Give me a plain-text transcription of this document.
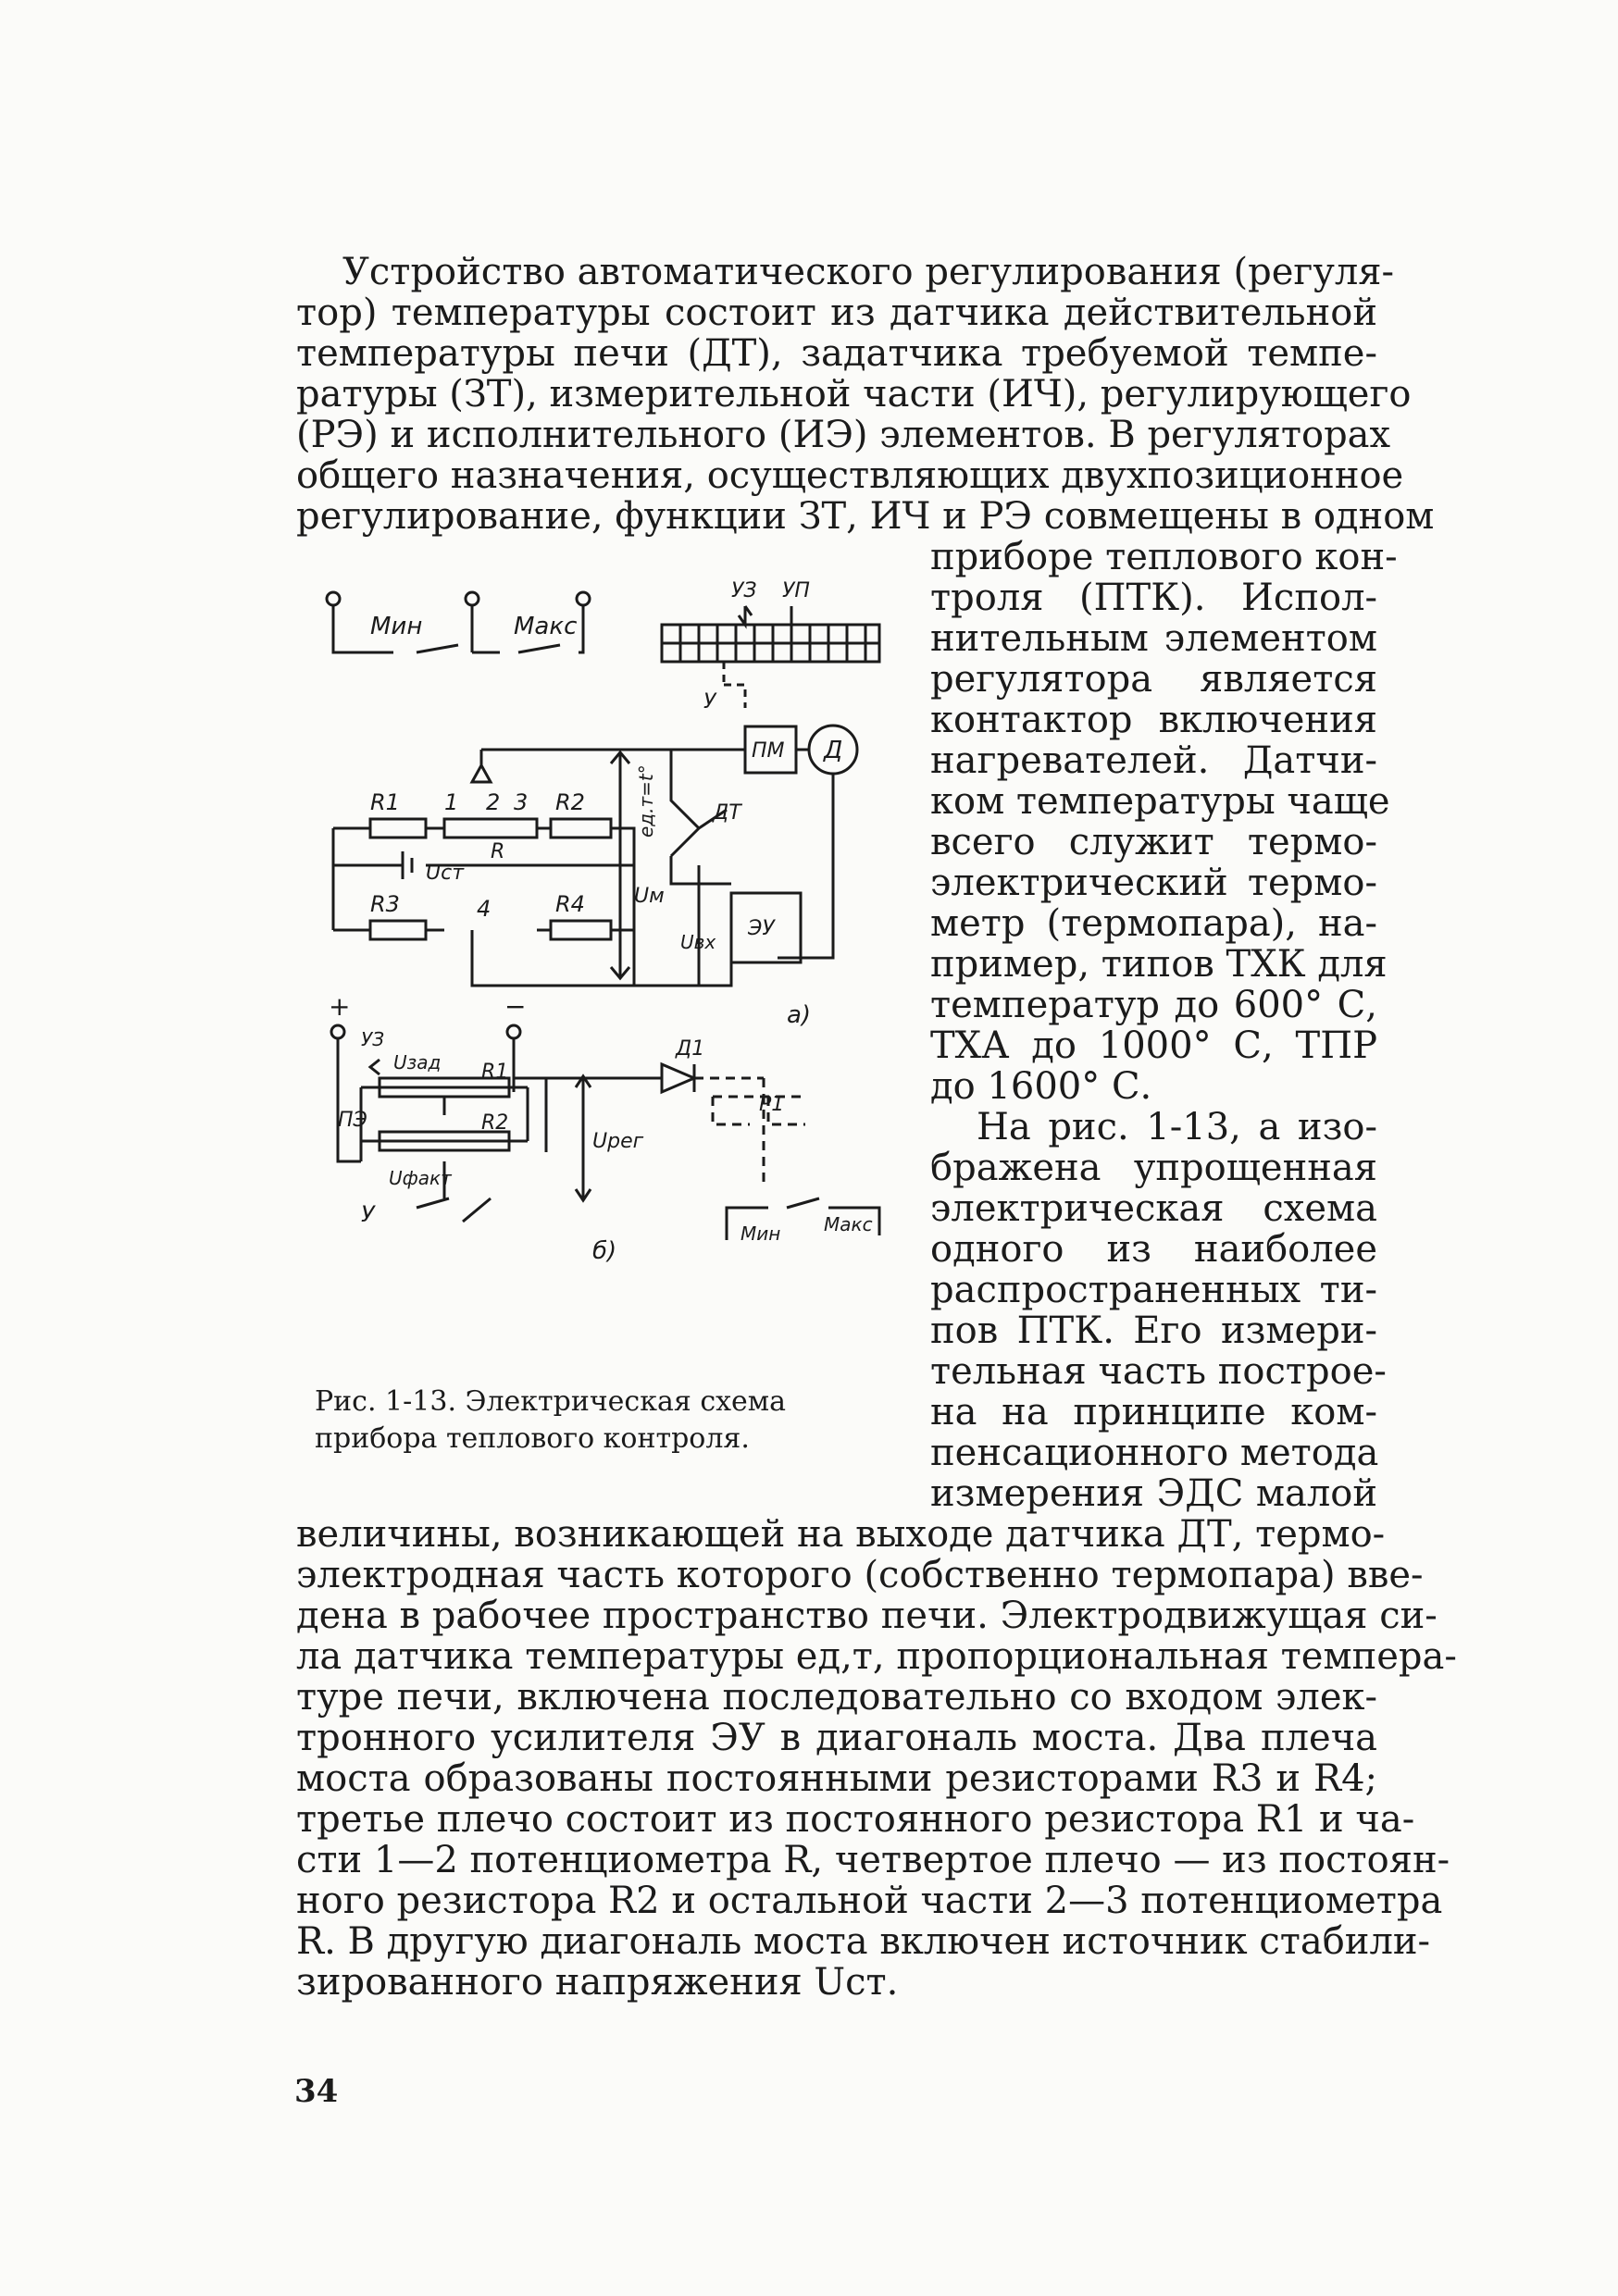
Устройство автоматического регулирования (регуля-

тор) температуры состоит из датчика действительной

температуры печи (ДТ), задатчика требуемой темпе-

ратуры (ЗТ), измерительной части (ИЧ), регулирующего

(РЭ) и исполнительного (ИЭ) элементов. В регуляторах

общего назначения, осуществляющих двухпозиционное

регулирование, функции ЗТ, ИЧ и РЭ совмещены в одном

приборе теплового кон-

троля (ПТК). Испол-

нительным элементом

регулятора является

контактор включения

нагревателей. Датчи-

ком температуры чаще

всего служит термо-

электрический термо-

метр (термопара), на-

пример, типов ТХК для

температур до 600° С,

ТХА до 1000° С, ТПР

до 1600° С.

На рис. 1-13, а изо-

бражена упрощенная

электрическая схема

одного из наиболее

распространенных ти-

пов ПТК. Его измери-

тельная часть построе-

на на принципе ком-

пенсационного метода

измерения ЭДС малой

Мин	Макс
УЗ УП
У
ПМ Д
R1 1 2 3 R2
R
Uст
eд.т=t°	ДТ
Uм
Uвх
ЭУ
R3	4	R4
а)
+	−
УЗ
Uзад
Д1
Р1
R1
ПЭ	R2
Uрег
Uфакт
У
б)
Мин Макс

Рис. 1-13. Электрическая схема

прибора теплового контроля.

величины, возникающей на выходе датчика ДТ, термо-

электродная часть которого (собственно термопара) вве-

дена в рабочее пространство печи. Электродвижущая си-

ла датчика температуры eд,т, пропорциональная темпера-

туре печи, включена последовательно со входом элек-

тронного усилителя ЭУ в диагональ моста. Два плеча

моста образованы постоянными резисторами R3 и R4;

третье плечо состоит из постоянного резистора R1 и ча-

сти 1—2 потенциометра R, четвертое плечо — из постоян-

ного резистора R2 и остальной части 2—3 потенциометра

R. В другую диагональ моста включен источник стабили-

зированного напряжения Uст.

34
